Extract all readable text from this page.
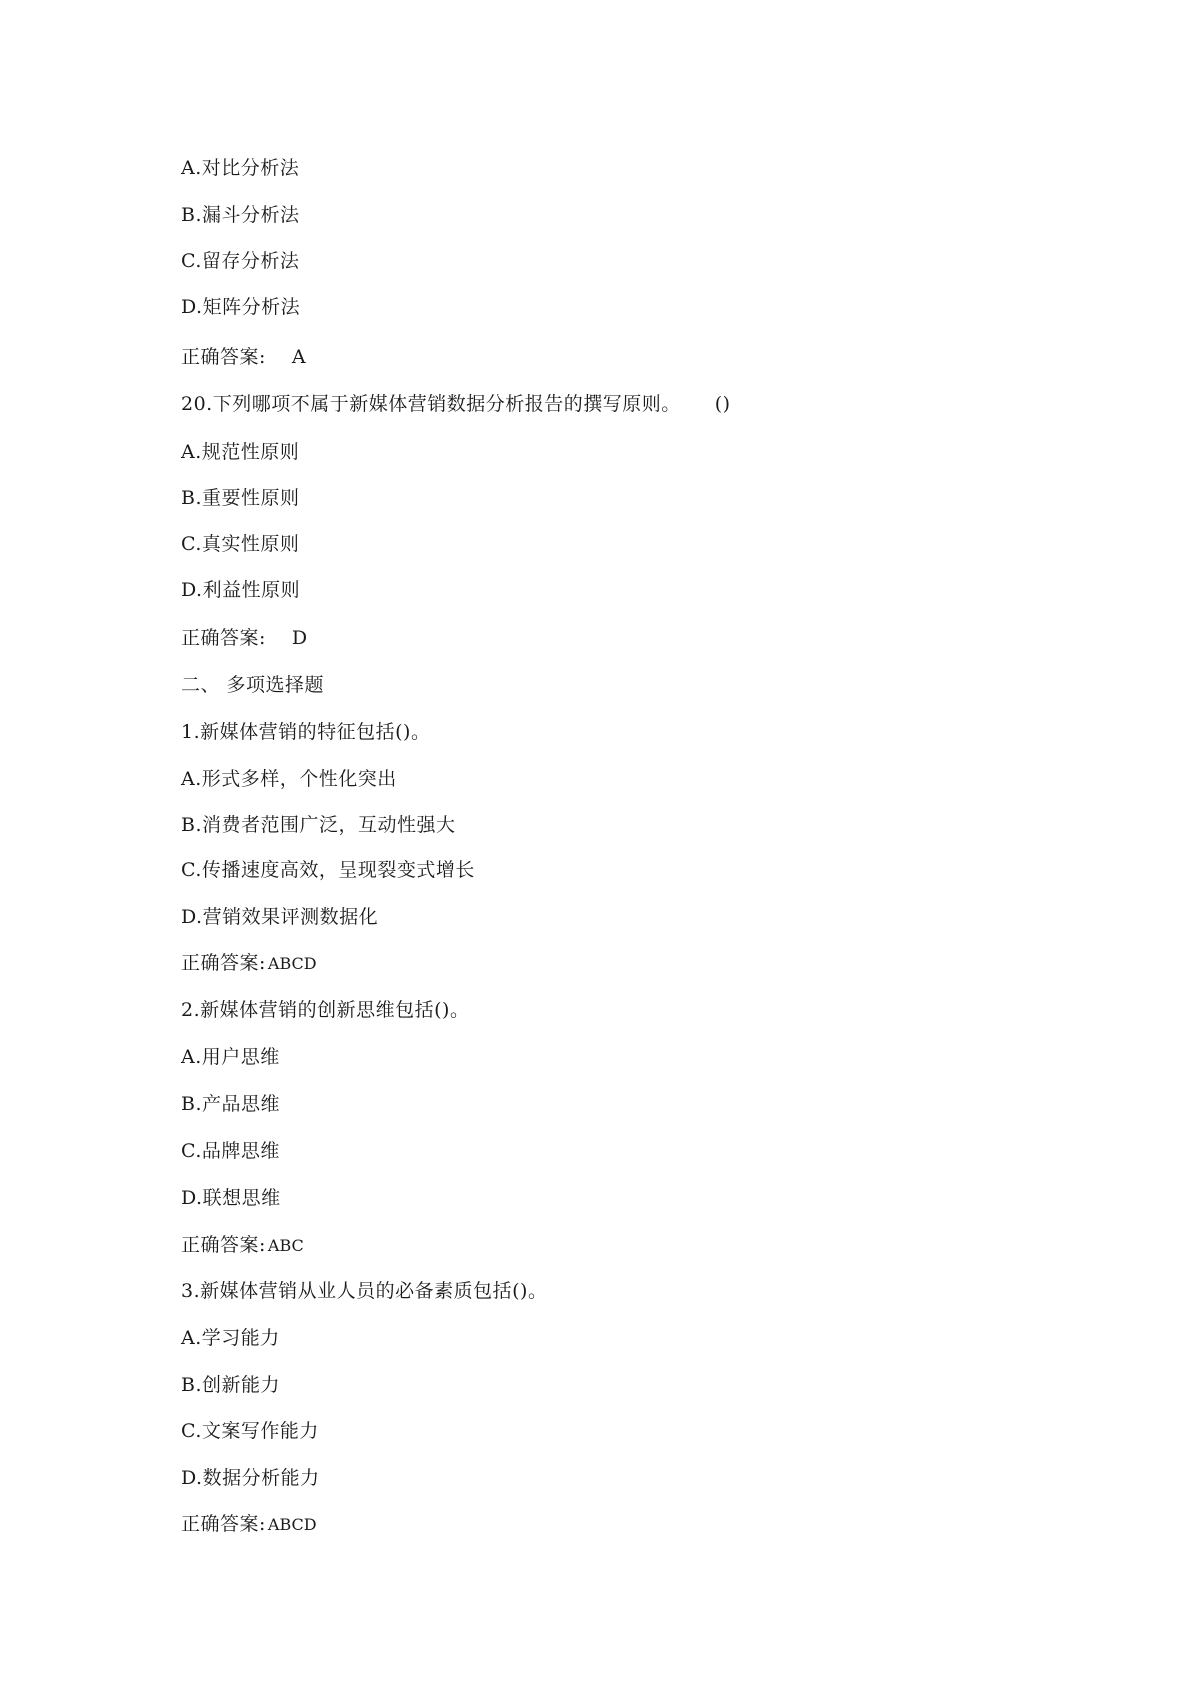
A.对比分析法
B.漏斗分析法
C.留存分析法
D.矩阵分析法
正确答案: A
20.下列哪项不属于新媒体营销数据分析报告的撰写原则。 ()
A.规范性原则
B.重要性原则
C.真实性原则
D.利益性原则
正确答案: D
二、 多项选择题
1.新媒体营销的特征包括()。
A.形式多样，个性化突出
B.消费者范围广泛，互动性强大
C.传播速度高效，呈现裂变式增长
D.营销效果评测数据化
正确答案: ABCD
2.新媒体营销的创新思维包括()。
A.用户思维
B.产品思维
C.品牌思维
D.联想思维
正确答案: ABC
3.新媒体营销从业人员的必备素质包括()。
A.学习能力
B.创新能力
C.文案写作能力
D.数据分析能力
正确答案: ABCD
